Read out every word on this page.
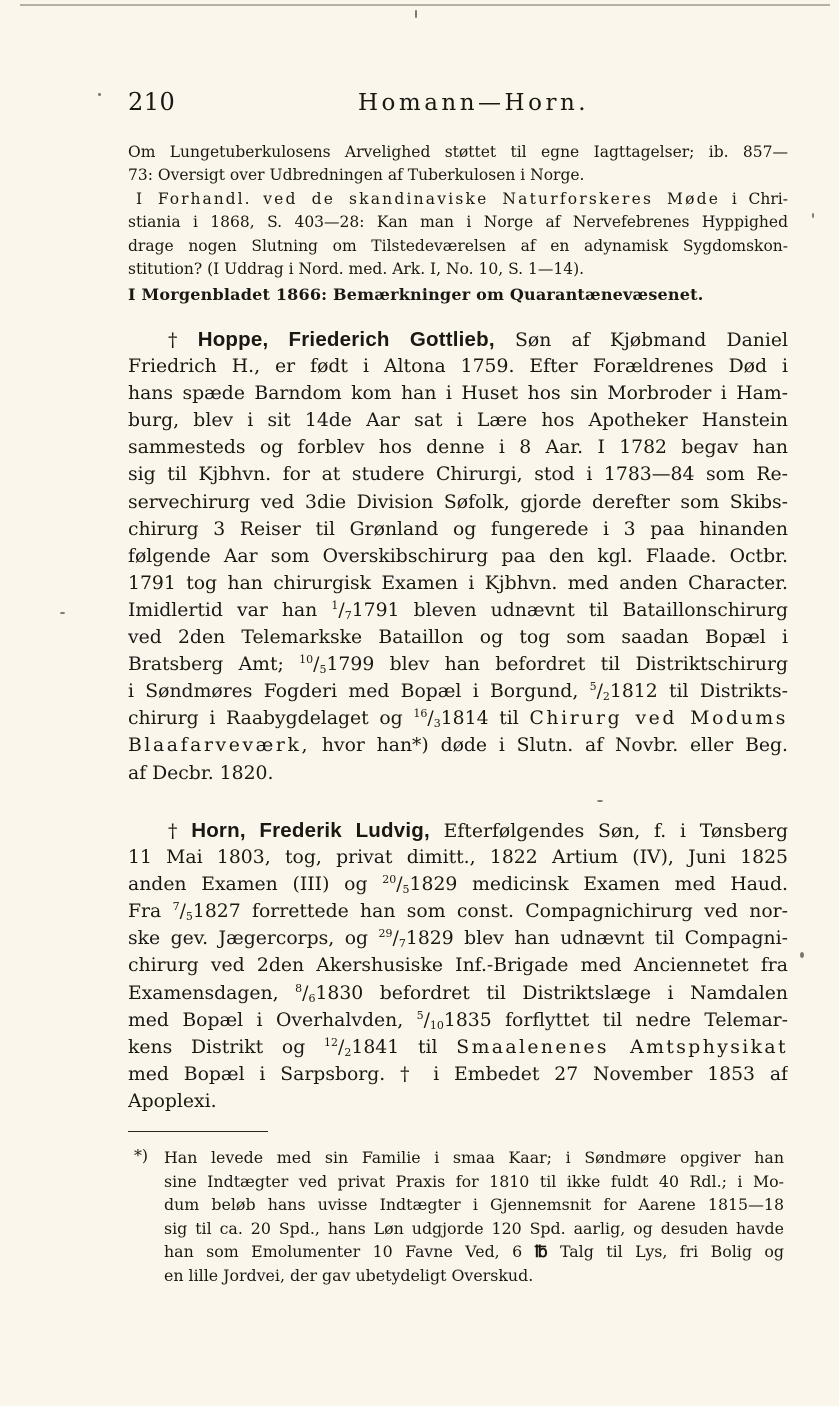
210	Homann—Horn.
Om Lungetuberkulosens Arvelighed støttet til egne Iagttagelser; ib. 857—
73: Oversigt over Udbredningen af Tuberkulosen i Norge.
I Forhandl. ved de skandinaviske Naturforskeres Møde i Chri-
stiania i 1868, S. 403—28: Kan man i Norge af Nervefebrenes Hyppighed
drage nogen Slutning om Tilstedeværelsen af en adynamisk Sygdomskon-
stitution? (I Uddrag i Nord. med. Ark. I, No. 10, S. 1—14).
I Morgenbladet 1866: Bemærkninger om Quarantænevæsenet.
† Hoppe, Friederich Gottlieb, Søn af Kjøbmand Daniel
Friedrich H., er født i Altona 1759. Efter Forældrenes Død i
hans spæde Barndom kom han i Huset hos sin Morbroder i Ham-
burg, blev i sit 14de Aar sat i Lære hos Apotheker Hanstein
sammesteds og forblev hos denne i 8 Aar. I 1782 begav han
sig til Kjbhvn. for at studere Chirurgi, stod i 1783—84 som Re-
servechirurg ved 3die Division Søfolk, gjorde derefter som Skibs-
chirurg 3 Reiser til Grønland og fungerede i 3 paa hinanden
følgende Aar som Overskibschirurg paa den kgl. Flaade. Octbr.
1791 tog han chirurgisk Examen i Kjbhvn. med anden Character.
Imidlertid var han $^1/_71791$ bleven udnævnt til Bataillonschirurg
ved 2den Telemarkske Bataillon og tog som saadan Bopæl i
Bratsberg Amt; $^{10}/_51799$ blev han befordret til Distriktschirurg
i Søndmøres Fogderi med Bopæl i Borgund, $^5/_21812$ til Distrikts-
chirurg i Raabygdelaget og $^{16}/_31814$ til Chirurg ved Modums
Blaafarveværk, hvor han*) døde i Slutn. af Novbr. eller Beg.
af Decbr. 1820.
† Horn, Frederik Ludvig, Efterfølgendes Søn, f. i Tønsberg
11 Mai 1803, tog, privat dimitt., 1822 Artium (IV), Juni 1825
anden Examen (III) og $^{20}/_51829$ medicinsk Examen med Haud.
Fra $^7/_51827$ forrettede han som const. Compagnichirurg ved nor-
ske gev. Jægercorps, og $^{29}/_71829$ blev han udnævnt til Compagni-
chirurg ved 2den Akershusiske Inf.-Brigade med Anciennetet fra
Examensdagen, $^8/_61830$ befordret til Distriktslæge i Namdalen
med Bopæl i Overhalvden, $^5/_{10}1835$ forflyttet til nedre Telemar-
kens Distrikt og $^{12}/_21841$ til Smaalenenes Amtsphysikat
med Bopæl i Sarpsborg. † i Embedet 27 November 1853 af
Apoplexi.
*) Han levede med sin Familie i smaa Kaar; i Søndmøre opgiver han
sine Indtægter ved privat Praxis for 1810 til ikke fuldt 40 Rdl.; i Mo-
dum beløb hans uvisse Indtægter i Gjennemsnit for Aarene 1815—18
sig til ca. 20 Spd., hans Løn udgjorde 120 Spd. aarlig, og desuden havde
han som Emolumenter 10 Favne Ved, 6 ℔ Talg til Lys, fri Bolig og
en lille Jordvei, der gav ubetydeligt Overskud.
